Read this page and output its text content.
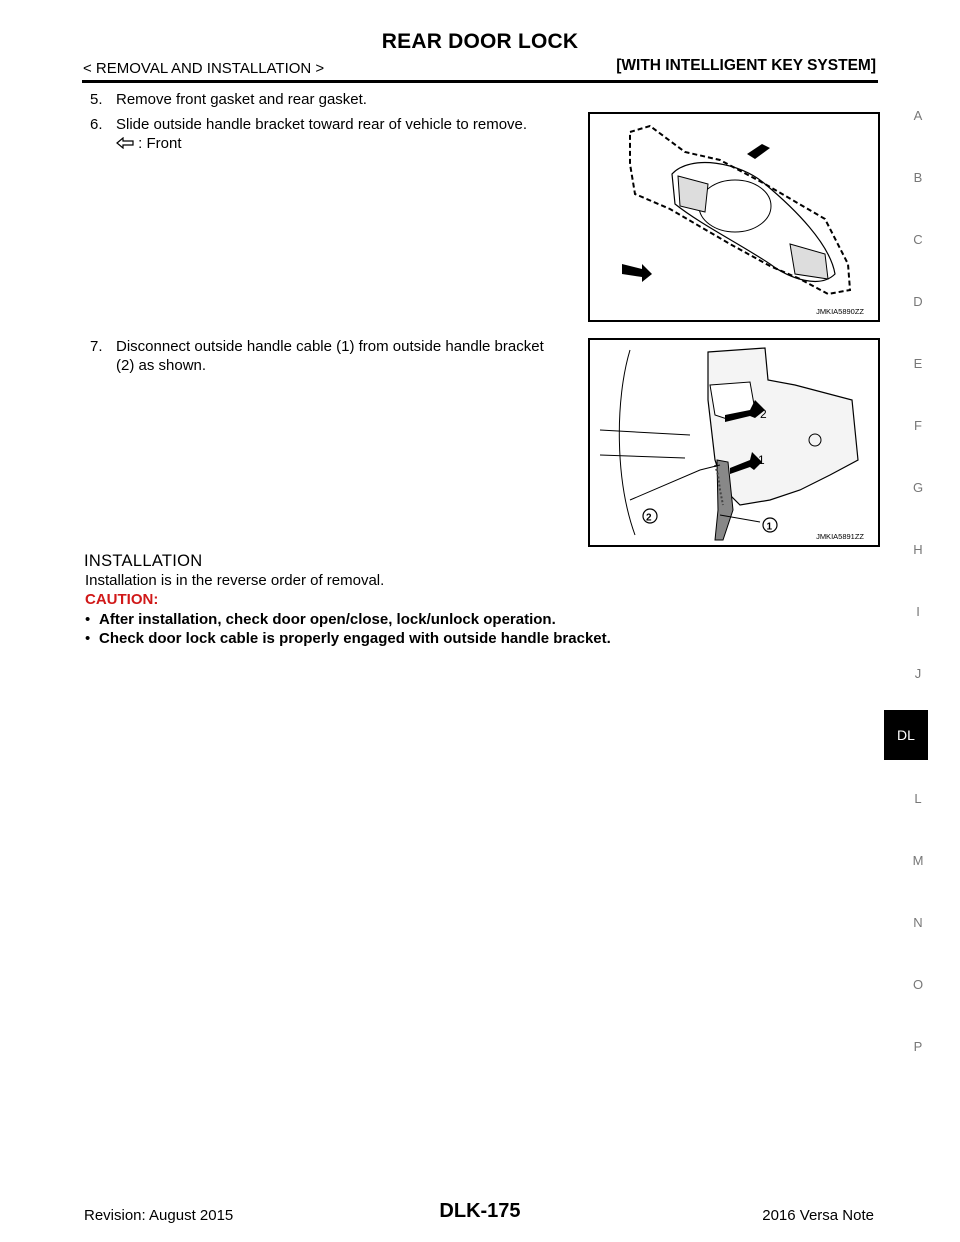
REAR DOOR LOCK
< REMOVAL AND INSTALLATION >	[WITH INTELLIGENT KEY SYSTEM]
5. Remove front gasket and rear gasket.
6. Slide outside handle bracket toward rear of vehicle to remove.
: Front
JMKIA5890ZZ
7. Disconnect outside handle cable (1) from outside handle bracket
(2) as shown.
2
1
2
1
JMKIA5891ZZ
INSTALLATION
Installation is in the reverse order of removal.
CAUTION:
• After installation, check door open/close, lock/unlock operation.
• Check door lock cable is properly engaged with outside handle bracket.
A
B
C
D
E
F
G
H
I
J
DL
L
M
N
O
P
Revision: August 2015	DLK-175	2016 Versa Note
